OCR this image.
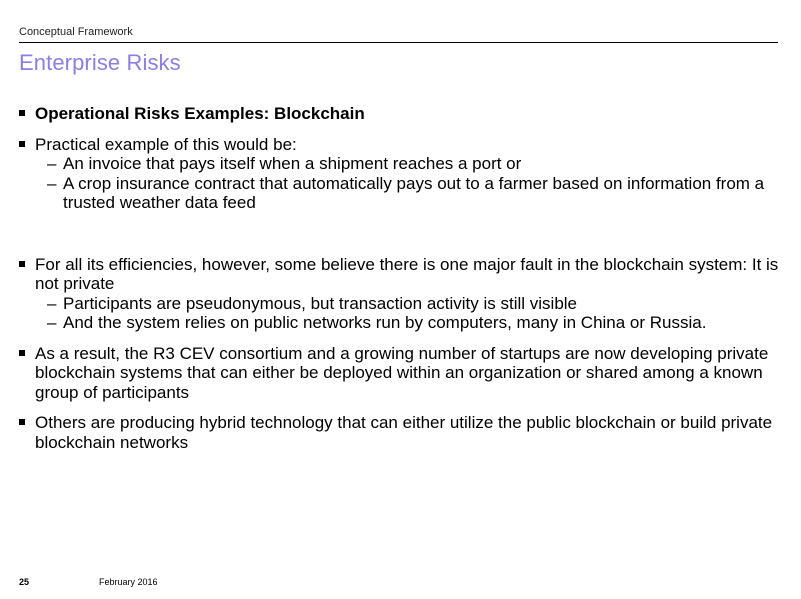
Conceptual Framework
Enterprise Risks
Operational Risks Examples: Blockchain
Practical example of this would be:
– An invoice that pays itself when a shipment reaches a port or
– A crop insurance contract that automatically pays out to a farmer based on information from a trusted weather data feed
For all its efficiencies, however, some believe there is one major fault in the blockchain system: It is not private
– Participants are pseudonymous, but transaction activity is still visible
– And the system relies on public networks run by computers, many in China or Russia.
As a result, the R3 CEV consortium and a growing number of startups are now developing private blockchain systems that can either be deployed within an organization or shared among a known group of participants
Others are producing hybrid technology that can either utilize the public blockchain or build private blockchain networks
25	February 2016
